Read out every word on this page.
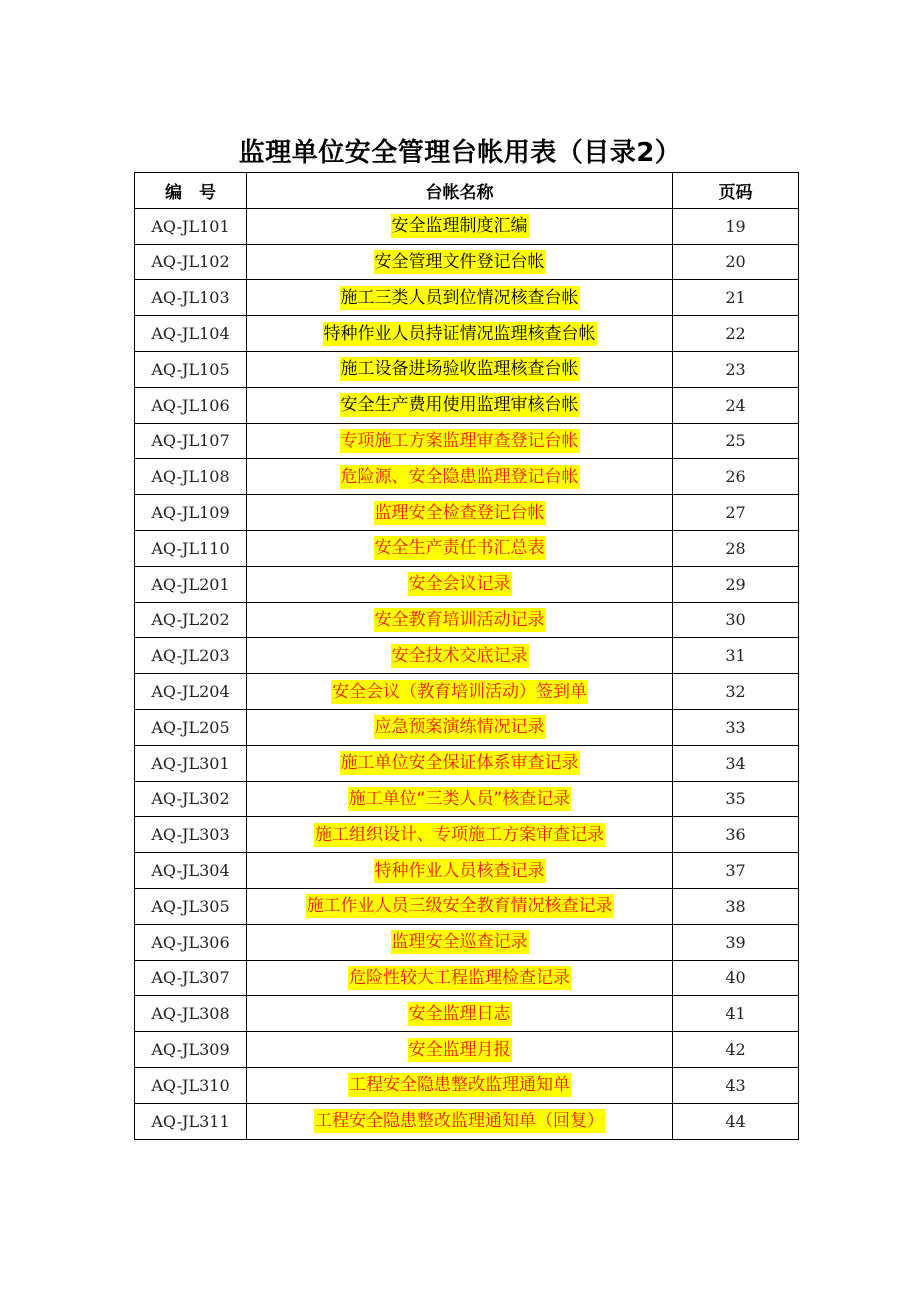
监理单位安全管理台帐用表（目录2）
编　号	台帐名称	页码
AQ-JL101	安全监理制度汇编	19
AQ-JL102	安全管理文件登记台帐	20
AQ-JL103	施工三类人员到位情况核查台帐	21
AQ-JL104	特种作业人员持证情况监理核查台帐	22
AQ-JL105	施工设备进场验收监理核查台帐	23
AQ-JL106	安全生产费用使用监理审核台帐	24
AQ-JL107	专项施工方案监理审查登记台帐	25
AQ-JL108	危险源、安全隐患监理登记台帐	26
AQ-JL109	监理安全检查登记台帐	27
AQ-JL110	安全生产责任书汇总表	28
AQ-JL201	安全会议记录	29
AQ-JL202	安全教育培训活动记录	30
AQ-JL203	安全技术交底记录	31
AQ-JL204	安全会议（教育培训活动）签到单	32
AQ-JL205	应急预案演练情况记录	33
AQ-JL301	施工单位安全保证体系审查记录	34
AQ-JL302	施工单位“三类人员”核查记录	35
AQ-JL303	施工组织设计、专项施工方案审查记录	36
AQ-JL304	特种作业人员核查记录	37
AQ-JL305	施工作业人员三级安全教育情况核查记录	38
AQ-JL306	监理安全巡查记录	39
AQ-JL307	危险性较大工程监理检查记录	40
AQ-JL308	安全监理日志	41
AQ-JL309	安全监理月报	42
AQ-JL310	工程安全隐患整改监理通知单	43
AQ-JL311	工程安全隐患整改监理通知单（回复）	44
